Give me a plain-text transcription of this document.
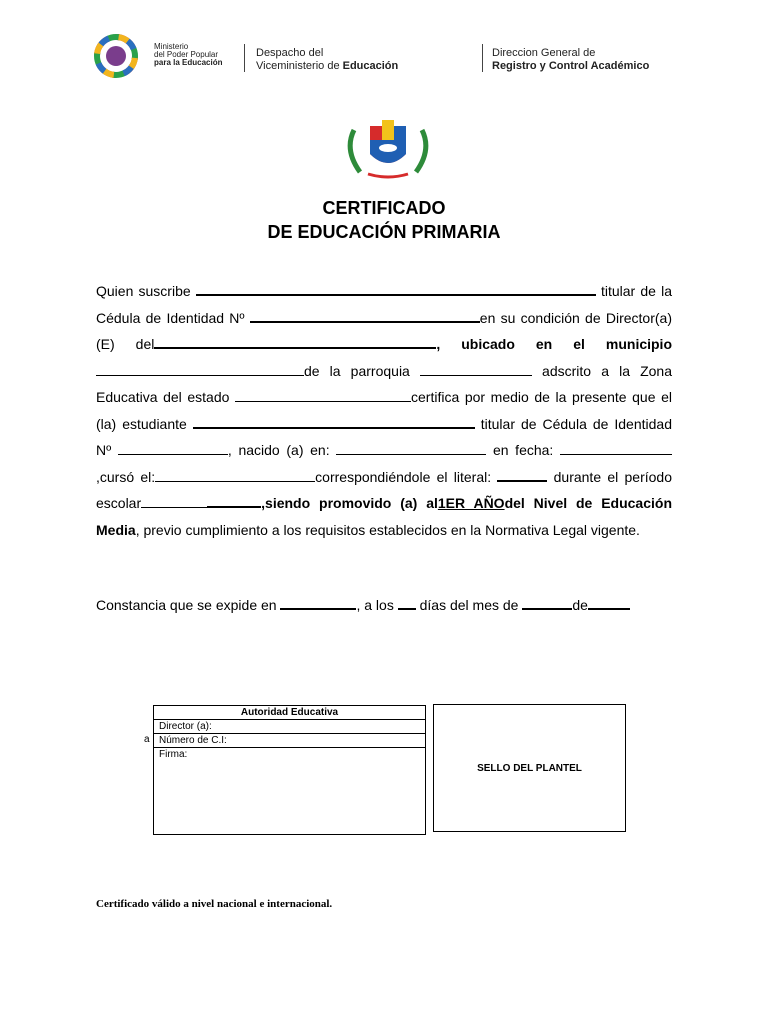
Ministerio
del Poder Popular
para la Educación
Despacho del
Viceministerio de Educación
Direccion General de
Registro y Control Académico
CERTIFICADO
DE EDUCACIÓN PRIMARIA
Quien suscribe	titular de la Cédula de Identidad Nº	en su condición de Director(a) (E) del	, ubicado en el municipio de la parroquia	adscrito a la Zona Educativa del estado	certifica por medio de la presente que el (la) estudiante	titular de Cédula de Identidad Nº	, nacido (a) en:	en fecha: ,cursó el:	correspondiéndole el literal:	durante el período escolar	,siendo promovido (a) al1ER AÑOdel Nivel de Educación Media, previo cumplimiento a los requisitos establecidos en la Normativa Legal vigente.
Constancia que se expide en	, a los  días del mes de	de
a
Autoridad Educativa
Director (a):
Número de C.I:
Firma:
SELLO DEL PLANTEL
Certificado válido a nivel nacional e internacional.
